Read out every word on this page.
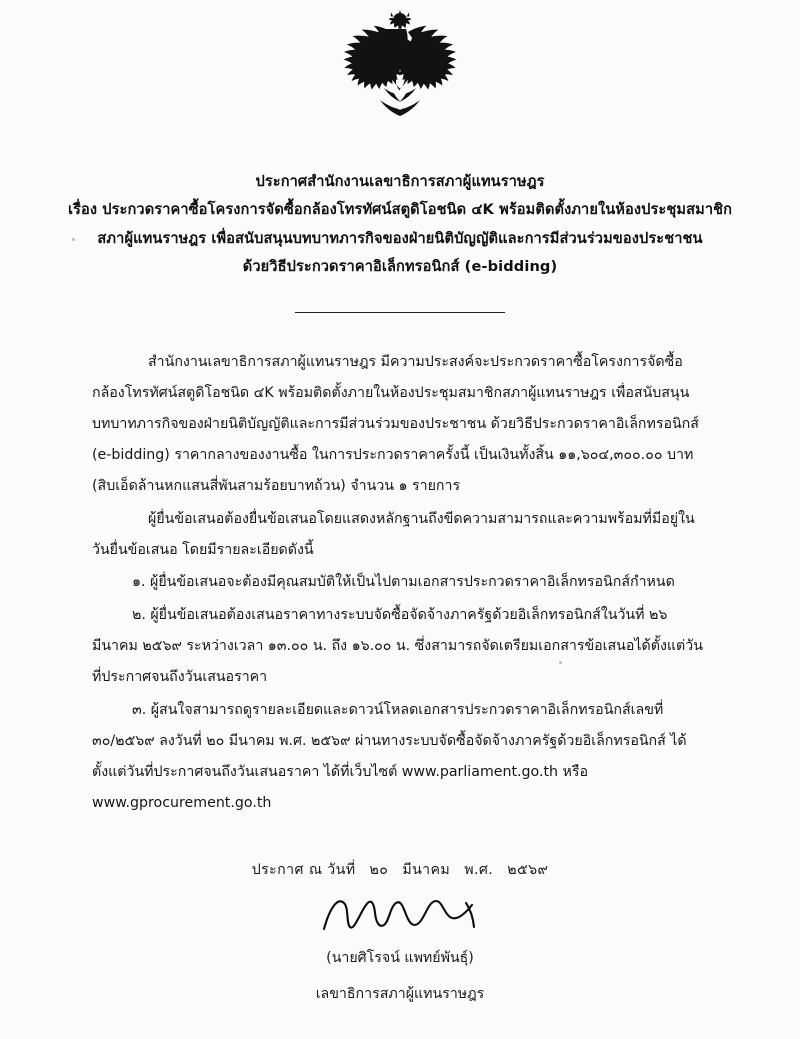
ประกาศสำนักงานเลขาธิการสภาผู้แทนราษฎร
เรื่อง ประกวดราคาซื้อโครงการจัดซื้อกล้องโทรทัศน์สตูดิโอชนิด ๔K พร้อมติดตั้งภายในห้องประชุมสมาชิก
สภาผู้แทนราษฎร เพื่อสนับสนุนบทบาทภารกิจของฝ่ายนิติบัญญัติและการมีส่วนร่วมของประชาชน
ด้วยวิธีประกวดราคาอิเล็กทรอนิกส์ (e-bidding)

สำนักงานเลขาธิการสภาผู้แทนราษฎร มีความประสงค์จะประกวดราคาซื้อโครงการจัดซื้อกล้องโทรทัศน์สตูดิโอชนิด ๔K พร้อมติดตั้งภายในห้องประชุมสมาชิกสภาผู้แทนราษฎร เพื่อสนับสนุนบทบาทภารกิจของฝ่ายนิติบัญญัติและการมีส่วนร่วมของประชาชน ด้วยวิธีประกวดราคาอิเล็กทรอนิกส์ (e-bidding) ราคากลางของงานซื้อ ในการประกวดราคาครั้งนี้ เป็นเงินทั้งสิ้น ๑๑,๖๐๔,๓๐๐.๐๐ บาท (สิบเอ็ดล้านหกแสนสี่พันสามร้อยบาทถ้วน) จำนวน ๑ รายการ

ผู้ยื่นข้อเสนอต้องยื่นข้อเสนอโดยแสดงหลักฐานถึงขีดความสามารถและความพร้อมที่มีอยู่ในวันยื่นข้อเสนอ โดยมีรายละเอียดดังนี้

๑. ผู้ยื่นข้อเสนอจะต้องมีคุณสมบัติให้เป็นไปตามเอกสารประกวดราคาอิเล็กทรอนิกส์กำหนด

๒. ผู้ยื่นข้อเสนอต้องเสนอราคาทางระบบจัดซื้อจัดจ้างภาครัฐด้วยอิเล็กทรอนิกส์ในวันที่ ๒๖ มีนาคม ๒๕๖๙ ระหว่างเวลา ๑๓.๐๐ น. ถึง ๑๖.๐๐ น. ซึ่งสามารถจัดเตรียมเอกสารข้อเสนอได้ตั้งแต่วันที่ประกาศจนถึงวันเสนอราคา

๓. ผู้สนใจสามารถดูรายละเอียดและดาวน์โหลดเอกสารประกวดราคาอิเล็กทรอนิกส์เลขที่ ๓๐/๒๕๖๙ ลงวันที่ ๒๐ มีนาคม พ.ศ. ๒๕๖๙ ผ่านทางระบบจัดซื้อจัดจ้างภาครัฐด้วยอิเล็กทรอนิกส์ ได้ตั้งแต่วันที่ประกาศจนถึงวันเสนอราคา ได้ที่เว็บไซต์ www.parliament.go.th หรือ www.gprocurement.go.th

ประกาศ ณ วันที่ ๒๐ มีนาคม พ.ศ. ๒๕๖๙
(นายศิโรจน์ แพทย์พันธุ์)
เลขาธิการสภาผู้แทนราษฎร
